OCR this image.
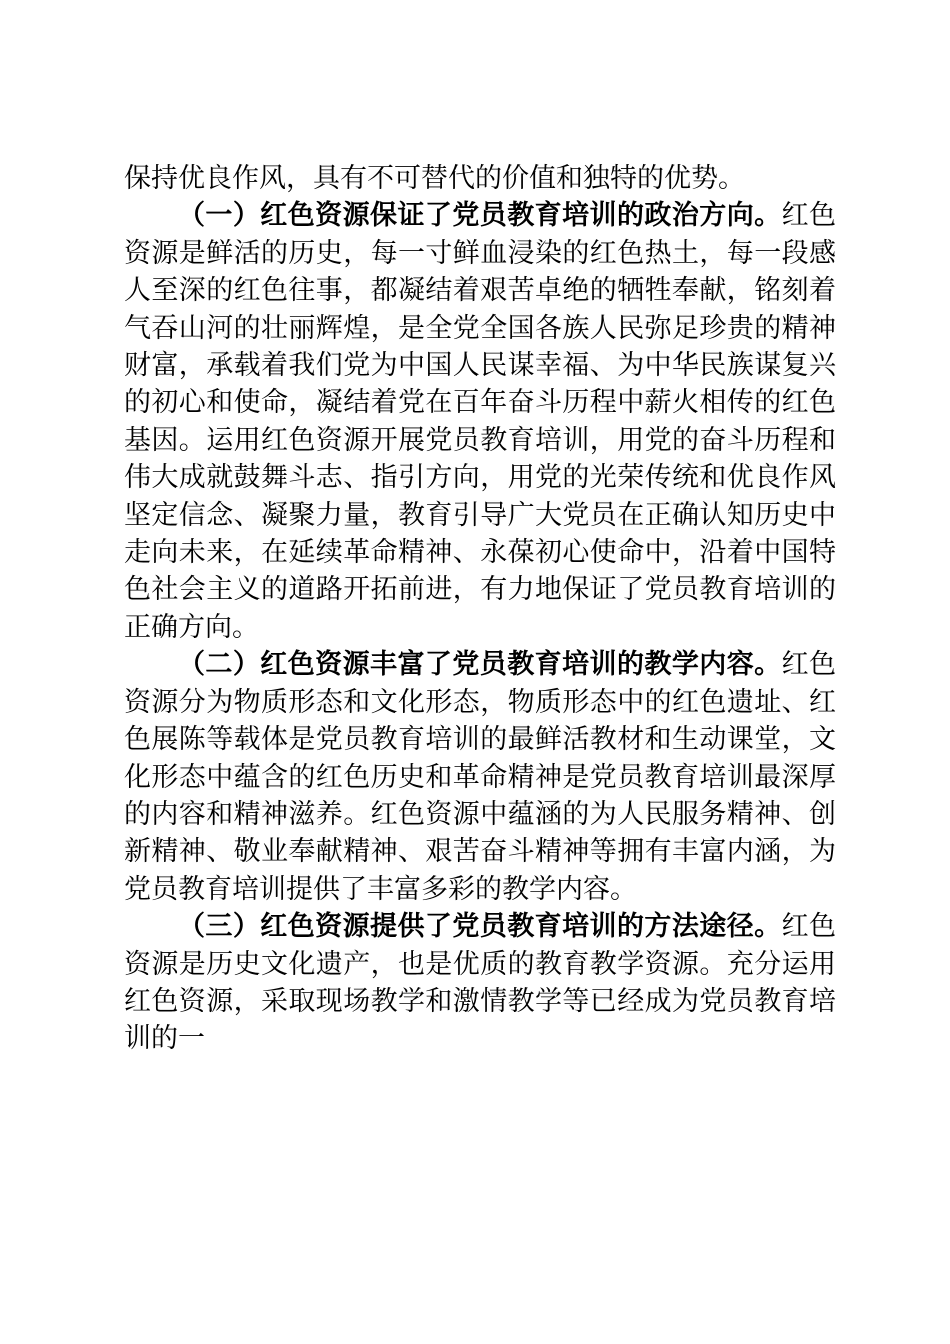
保持优良作风，具有不可替代的价值和独特的优势。

（一）红色资源保证了党员教育培训的政治方向。红色资源是鲜活的历史，每一寸鲜血浸染的红色热土，每一段感人至深的红色往事，都凝结着艰苦卓绝的牺牲奉献，铭刻着气吞山河的壮丽辉煌，是全党全国各族人民弥足珍贵的精神财富，承载着我们党为中国人民谋幸福、为中华民族谋复兴的初心和使命，凝结着党在百年奋斗历程中薪火相传的红色基因。运用红色资源开展党员教育培训，用党的奋斗历程和伟大成就鼓舞斗志、指引方向，用党的光荣传统和优良作风坚定信念、凝聚力量，教育引导广大党员在正确认知历史中走向未来，在延续革命精神、永葆初心使命中，沿着中国特色社会主义的道路开拓前进，有力地保证了党员教育培训的正确方向。

（二）红色资源丰富了党员教育培训的教学内容。红色资源分为物质形态和文化形态，物质形态中的红色遗址、红色展陈等载体是党员教育培训的最鲜活教材和生动课堂，文化形态中蕴含的红色历史和革命精神是党员教育培训最深厚的内容和精神滋养。红色资源中蕴涵的为人民服务精神、创新精神、敬业奉献精神、艰苦奋斗精神等拥有丰富内涵，为党员教育培训提供了丰富多彩的教学内容。

（三）红色资源提供了党员教育培训的方法途径。红色资源是历史文化遗产，也是优质的教育教学资源。充分运用红色资源，采取现场教学和激情教学等已经成为党员教育培训的一
